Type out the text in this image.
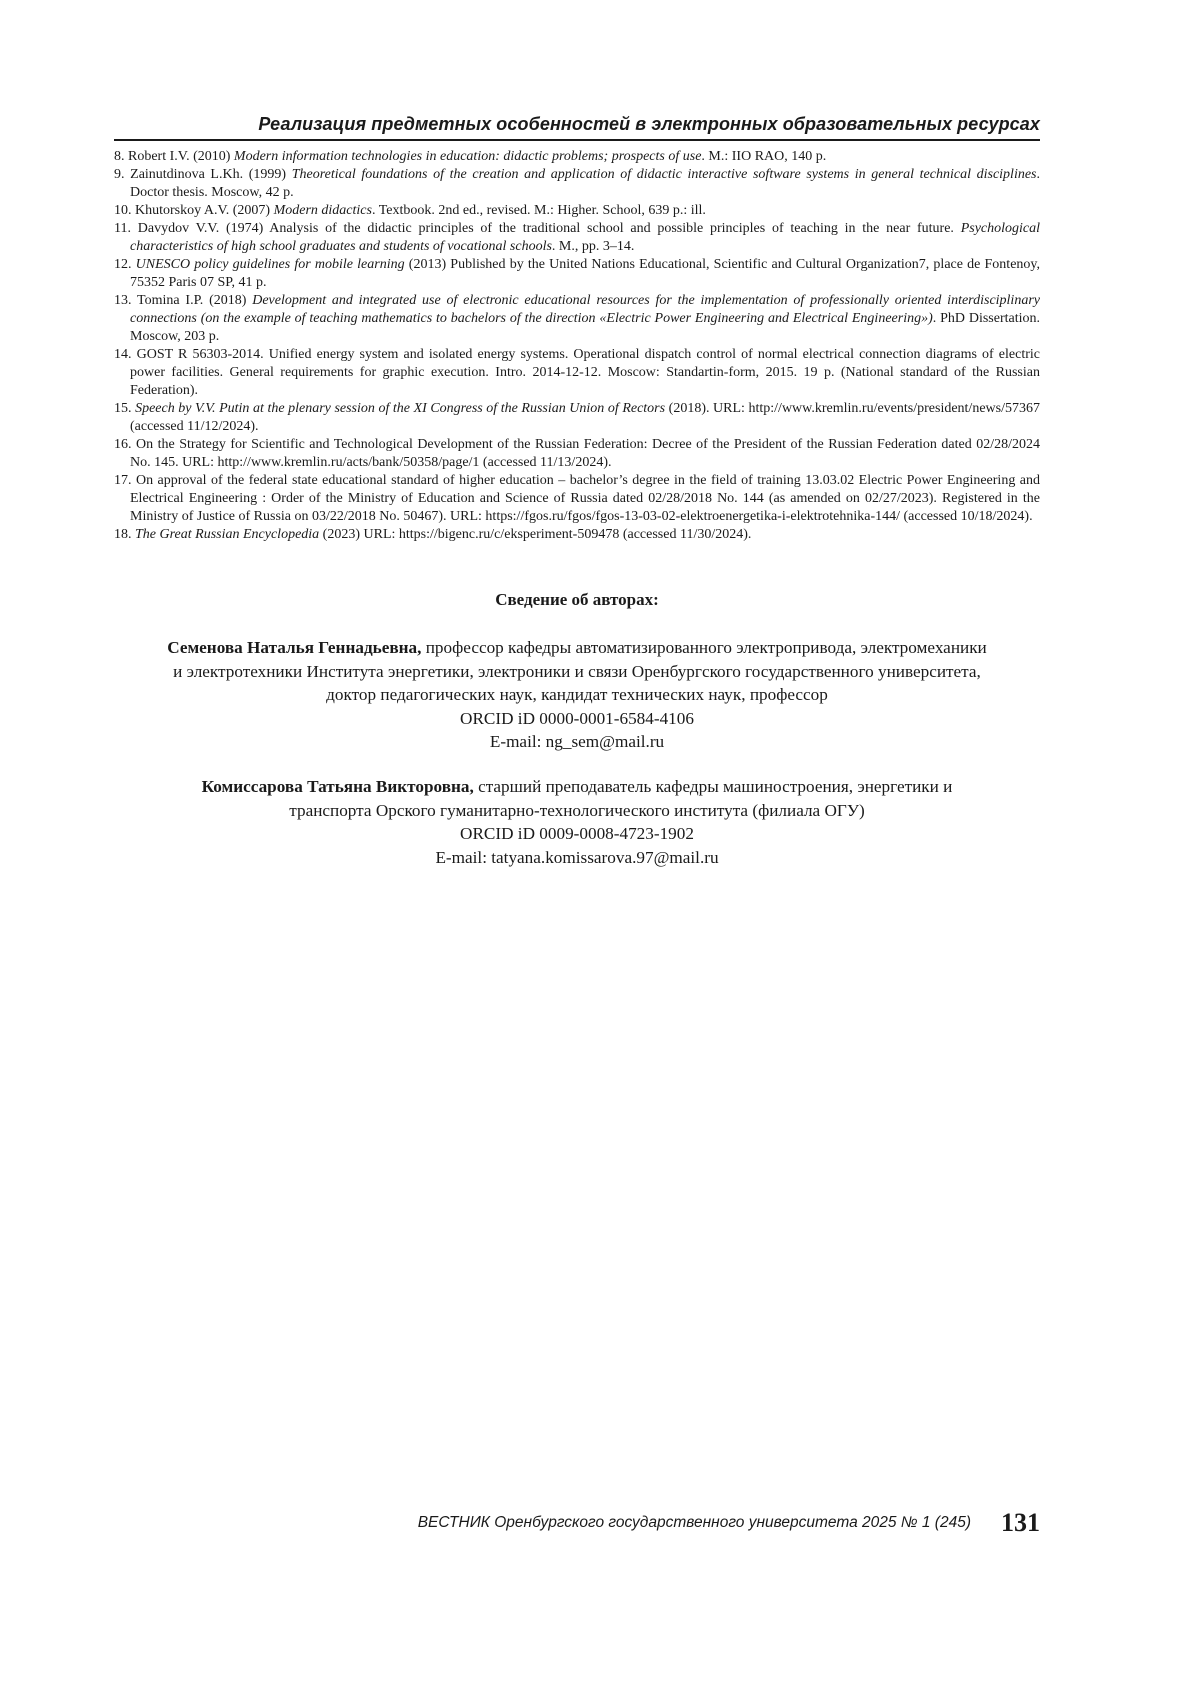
Реализация предметных особенностей в электронных образовательных ресурсах
8. Robert I.V. (2010) Modern information technologies in education: didactic problems; prospects of use. M.: IIO RAO, 140 p.
9. Zainutdinova L.Kh. (1999) Theoretical foundations of the creation and application of didactic interactive software systems in general technical disciplines. Doctor thesis. Moscow, 42 p.
10. Khutorskoy A.V. (2007) Modern didactics. Textbook. 2nd ed., revised. M.: Higher. School, 639 p.: ill.
11. Davydov V.V. (1974) Analysis of the didactic principles of the traditional school and possible principles of teaching in the near future. Psychological characteristics of high school graduates and students of vocational schools. M., pp. 3–14.
12. UNESCO policy guidelines for mobile learning (2013) Published by the United Nations Educational, Scientific and Cultural Organization7, place de Fontenoy, 75352 Paris 07 SP, 41 p.
13. Tomina I.P. (2018) Development and integrated use of electronic educational resources for the implementation of professionally oriented interdisciplinary connections (on the example of teaching mathematics to bachelors of the direction «Electric Power Engineering and Electrical Engineering»). PhD Dissertation. Moscow, 203 p.
14. GOST R 56303-2014. Unified energy system and isolated energy systems. Operational dispatch control of normal electrical connection diagrams of electric power facilities. General requirements for graphic execution. Intro. 2014-12-12. Moscow: Standartin-form, 2015. 19 p. (National standard of the Russian Federation).
15. Speech by V.V. Putin at the plenary session of the XI Congress of the Russian Union of Rectors (2018). URL: http://www.kremlin.ru/events/president/news/57367 (accessed 11/12/2024).
16. On the Strategy for Scientific and Technological Development of the Russian Federation: Decree of the President of the Russian Federation dated 02/28/2024 No. 145. URL: http://www.kremlin.ru/acts/bank/50358/page/1 (accessed 11/13/2024).
17. On approval of the federal state educational standard of higher education – bachelor’s degree in the field of training 13.03.02 Electric Power Engineering and Electrical Engineering : Order of the Ministry of Education and Science of Russia dated 02/28/2018 No. 144 (as amended on 02/27/2023). Registered in the Ministry of Justice of Russia on 03/22/2018 No. 50467). URL: https://fgos.ru/fgos/fgos-13-03-02-elektroenergetika-i-elektrotehnika-144/ (accessed 10/18/2024).
18. The Great Russian Encyclopedia (2023) URL: https://bigenc.ru/c/eksperiment-509478 (accessed 11/30/2024).
Сведение об авторах:
Семенова Наталья Геннадьевна, профессор кафедры автоматизированного электропривода, электромеханики
и электротехники Института энергетики, электроники и связи Оренбургского государственного университета,
доктор педагогических наук, кандидат технических наук, профессор
ORCID iD 0000-0001-6584-4106
E-mail: ng_sem@mail.ru
Комиссарова Татьяна Викторовна, старший преподаватель кафедры машиностроения, энергетики и
транспорта Орского гуманитарно-технологического института (филиала ОГУ)
ORCID iD 0009-0008-4723-1902
E-mail: tatyana.komissarova.97@mail.ru
ВЕСТНИК Оренбургского государственного университета 2025 № 1 (245) 131
